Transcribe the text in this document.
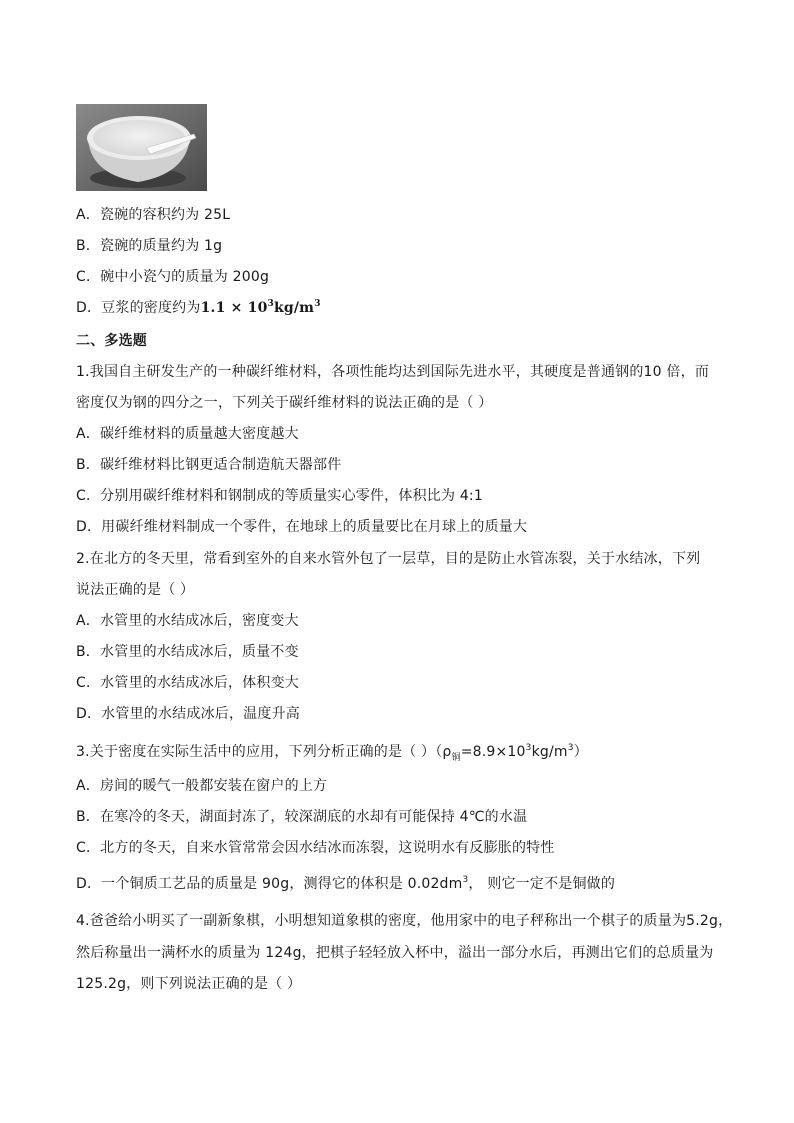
A．瓷碗的容积约为 25L
B．瓷碗的质量约为 1g
C．碗中小瓷勺的质量为 200g
D．豆浆的密度约为$1.1 \times 10^3kg/m^3$
二、多选题
1.我国自主研发生产的一种碳纤维材料，各项性能均达到国际先进水平，其硬度是普通钢的10 倍，而
密度仅为钢的四分之一，下列关于碳纤维材料的说法正确的是（ ）
A．碳纤维材料的质量越大密度越大
B．碳纤维材料比钢更适合制造航天器部件
C．分别用碳纤维材料和钢制成的等质量实心零件，体积比为 4:1
D．用碳纤维材料制成一个零件，在地球上的质量要比在月球上的质量大
2.在北方的冬天里，常看到室外的自来水管外包了一层草，目的是防止水管冻裂，关于水结冰，下列
说法正确的是（ ）
A．水管里的水结成冰后，密度变大
B．水管里的水结成冰后，质量不变
C．水管里的水结成冰后，体积变大
D．水管里的水结成冰后，温度升高
3.关于密度在实际生活中的应用，下列分析正确的是（ ）$(\rho_铜=8.9\times 10^3kg/m^3)$
A．房间的暖气一般都安装在窗户的上方
B．在寒冷的冬天，湖面封冻了，较深湖底的水却有可能保持 4℃的水温
C．北方的冬天，自来水管常常会因水结冰而冻裂，这说明水有反膨胀的特性
D．一个铜质工艺品的质量是 90g，测得它的体积是 $0.02dm^3$， 则它一定不是铜做的
4.爸爸给小明买了一副新象棋，小明想知道象棋的密度，他用家中的电子秤称出一个棋子的质量为5.2g，
然后称量出一满杯水的质量为 124g，把棋子轻轻放入杯中，溢出一部分水后，再测出它们的总质量为
125.2g，则下列说法正确的是（ ）
